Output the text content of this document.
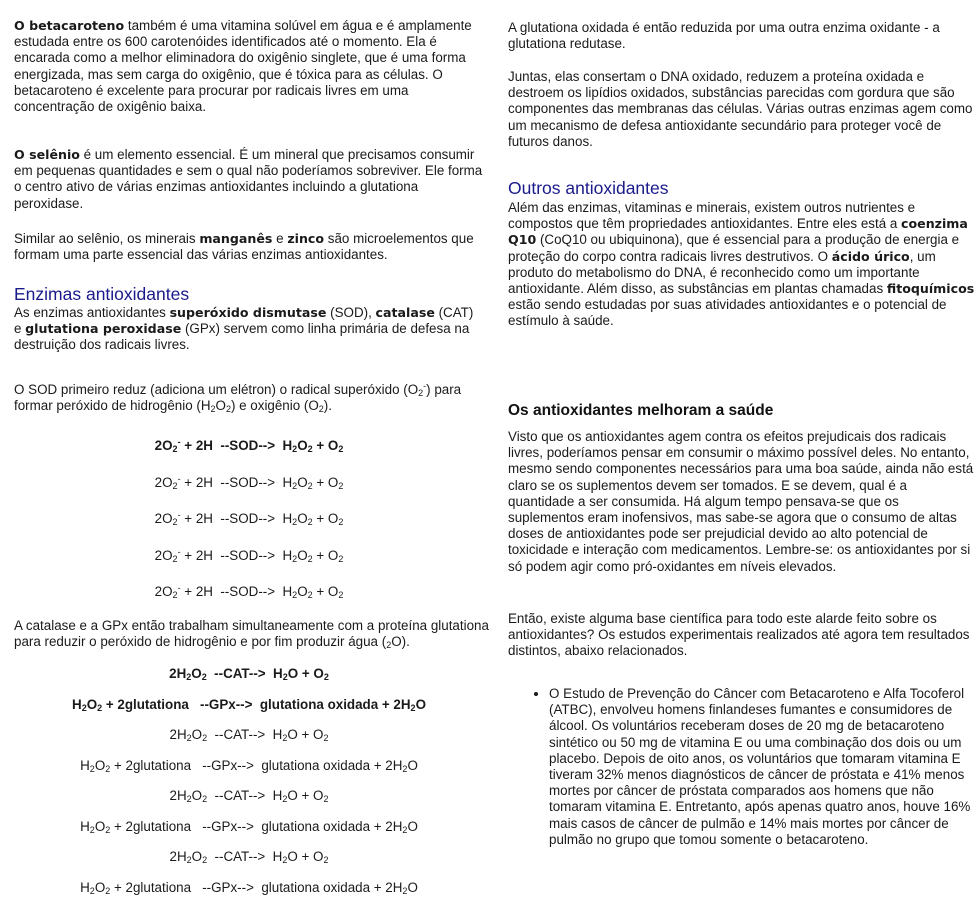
O betacaroteno também é uma vitamina solúvel em água e é amplamente estudada entre os 600 carotenóides identificados até o momento. Ela é encarada como a melhor eliminadora do oxigênio singlete, que é uma forma energizada, mas sem carga do oxigênio, que é tóxica para as células. O betacaroteno é excelente para procurar por radicais livres em uma concentração de oxigênio baixa.

O selênio é um elemento essencial. É um mineral que precisamos consumir em pequenas quantidades e sem o qual não poderíamos sobreviver. Ele forma o centro ativo de várias enzimas antioxidantes incluindo a glutationa peroxidase.

Similar ao selênio, os minerais manganês e zinco são microelementos que formam uma parte essencial das várias enzimas antioxidantes.

Enzimas antioxidantes

As enzimas antioxidantes superóxido dismutase (SOD), catalase (CAT) e glutationa peroxidase (GPx) servem como linha primária de defesa na destruição dos radicais livres.

O SOD primeiro reduz (adiciona um elétron) o radical superóxido $(O_2^-)$ para formar peróxido de hidrogênio $(H_2O_2)$ e oxigênio $(O_2)$.

$2O_2^- + 2H$  $--SOD--> H_2O_2 + O_2$

$2O_2^- + 2H$  $--SOD--> H_2O_2 + O_2$

$2O_2^- + 2H$  $--SOD--> H_2O_2 + O_2$

$2O_2^- + 2H$  $--SOD--> H_2O_2 + O_2$

$2O_2^- + 2H$  $--SOD--> H_2O_2 + O_2$

A catalase e a GPx então trabalham simultaneamente com a proteína glutationa para reduzir o peróxido de hidrogênio e por fim produzir água $(_2O)$.

$2H_2O_2$  $--CAT--> H_2O + O_2$

$H_2O_2$ + 2glutationa   --GPx-->  glutationa oxidada + $2H_2O$

$2H_2O_2$  $--CAT--> H_2O + O_2$

$H_2O_2$ + 2glutationa   --GPx-->  glutationa oxidada + $2H_2O$

$2H_2O_2$  $--CAT--> H_2O + O_2$

$H_2O_2$ + 2glutationa   --GPx-->  glutationa oxidada + $2H_2O$

$2H_2O_2$  $--CAT--> H_2O + O_2$

$H_2O_2$ + 2glutationa   --GPx-->  glutationa oxidada + $2H_2O$

A glutationa oxidada é então reduzida por uma outra enzima oxidante - a glutationa redutase.

Juntas, elas consertam o DNA oxidado, reduzem a proteína oxidada e destroem os lipídios oxidados, substâncias parecidas com gordura que são componentes das membranas das células. Várias outras enzimas agem como um mecanismo de defesa antioxidante secundário para proteger você de futuros danos.

Outros antioxidantes

Além das enzimas, vitaminas e minerais, existem outros nutrientes e compostos que têm propriedades antioxidantes. Entre eles está a coenzima Q10 (CoQ10 ou ubiquinona), que é essencial para a produção de energia e proteção do corpo contra radicais livres destrutivos. O ácido úrico, um produto do metabolismo do DNA, é reconhecido como um importante antioxidante. Além disso, as substâncias em plantas chamadas fitoquímicos estão sendo estudadas por suas atividades antioxidantes e o potencial de estímulo à saúde.

Os antioxidantes melhoram a saúde

Visto que os antioxidantes agem contra os efeitos prejudicais dos radicais livres, poderíamos pensar em consumir o máximo possível deles. No entanto, mesmo sendo componentes necessários para uma boa saúde, ainda não está claro se os suplementos devem ser tomados. E se devem, qual é a quantidade a ser consumida. Há algum tempo pensava-se que os suplementos eram inofensivos, mas sabe-se agora que o consumo de altas doses de antioxidantes pode ser prejudicial devido ao alto potencial de toxicidade e interação com medicamentos. Lembre-se: os antioxidantes por si só podem agir como pró-oxidantes em níveis elevados.

Então, existe alguma base científica para todo este alarde feito sobre os antioxidantes? Os estudos experimentais realizados até agora tem resultados distintos, abaixo relacionados.

• O Estudo de Prevenção do Câncer com Betacaroteno e Alfa Tocoferol (ATBC), envolveu homens finlandeses fumantes e consumidores de álcool. Os voluntários receberam doses de 20 mg de betacaroteno sintético ou 50 mg de vitamina E ou uma combinação dos dois ou um placebo. Depois de oito anos, os voluntários que tomaram vitamina E tiveram 32% menos diagnósticos de câncer de próstata e 41% menos mortes por câncer de próstata comparados aos homens que não tomaram vitamina E. Entretanto, após apenas quatro anos, houve 16% mais casos de câncer de pulmão e 14% mais mortes por câncer de pulmão no grupo que tomou somente o betacaroteno.
